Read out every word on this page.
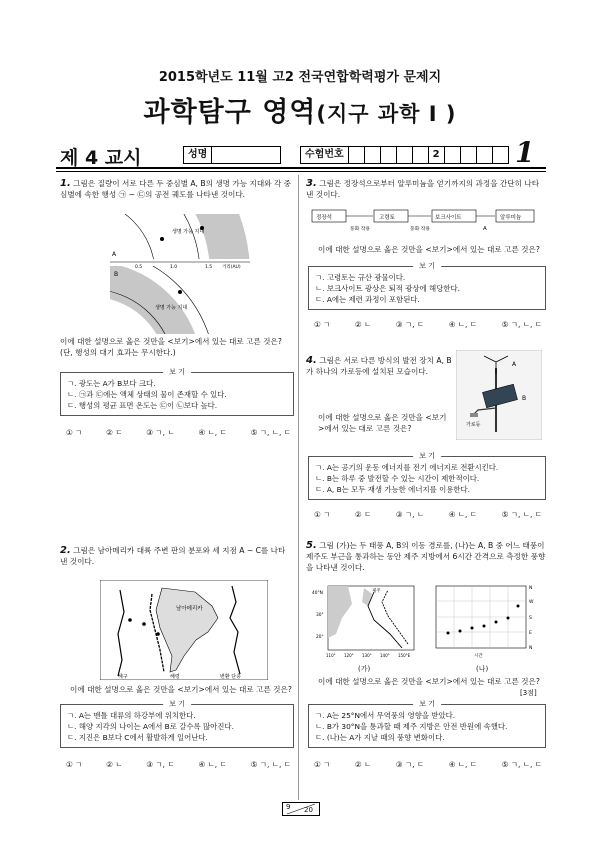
2015학년도 11월 고2 전국연합학력평가 문제지
과학탐구 영역(지구 과학 I )
제 4 교시	성명	수험번호	2	1
1. 그림은 질량이 서로 다른 두 중심별 A, B의 생명 가능 지대와 각 중심별에 속한 행성 ㉠ ~ ㉢의 공전 궤도를 나타낸 것이다.
생명 가능 지대
생명 가능 지대
A
B
0.5	1.0	1.5 거리(AU)
이에 대한 설명으로 옳은 것만을 <보기>에서 있는 대로 고른 것은? (단, 행성의 대기 효과는 무시한다.)
보 기
ㄱ. 광도는 A가 B보다 크다.
ㄴ. ㉠과 ㉢에는 액체 상태의 물이 존재할 수 있다.
ㄷ. 행성의 평균 표면 온도는 ㉢이 ㉡보다 높다.
① ㄱ	② ㄷ	③ ㄱ, ㄴ	④ ㄴ, ㄷ	⑤ ㄱ, ㄴ, ㄷ
2. 그림은 남아메리카 대륙 주변 판의 분포와 세 지점 A ~ C를 나타낸 것이다.
남아메리카
해구	해령	변환 단층
이에 대한 설명으로 옳은 것만을 <보기>에서 있는 대로 고른 것은?
보 기
ㄱ. A는 맨틀 대류의 하강부에 위치한다.
ㄴ. 해양 지각의 나이는 A에서 B로 갈수록 많아진다.
ㄷ. 지진은 B보다 C에서 활발하게 일어난다.
① ㄱ	② ㄴ	③ ㄱ, ㄷ	④ ㄴ, ㄷ	⑤ ㄱ, ㄴ, ㄷ
3. 그림은 정장석으로부터 알루미늄을 얻기까지의 과정을 간단히 나타낸 것이다.
정장석	고령토	보크사이트	알루미늄
풍화 작용	풍화 작용	A
이에 대한 설명으로 옳은 것만을 <보기>에서 있는 대로 고른 것은?
보 기
ㄱ. 고령토는 규산 광물이다.
ㄴ. 보크사이트 광상은 퇴적 광상에 해당한다.
ㄷ. A에는 제련 과정이 포함된다.
① ㄱ	② ㄴ	③ ㄱ, ㄷ	④ ㄴ, ㄷ	⑤ ㄱ, ㄴ, ㄷ
4. 그림은 서로 다른 방식의 발전 장치 A, B가 하나의 가로등에 설치된 모습이다.
A
B
가로등
이에 대한 설명으로 옳은 것만을 <보기>에서 있는 대로 고른 것은?
보 기
ㄱ. A는 공기의 운동 에너지를 전기 에너지로 전환시킨다.
ㄴ. B는 하루 중 발전할 수 있는 시간이 제한적이다.
ㄷ. A, B는 모두 재생 가능한 에너지를 이용한다.
① ㄱ	② ㄷ	③ ㄱ, ㄴ	④ ㄴ, ㄷ	⑤ ㄱ, ㄴ, ㄷ
5. 그림 (가)는 두 태풍 A, B의 이동 경로를, (나)는 A, B 중 어느 태풍이 제주도 부근을 통과하는 동안 제주 지방에서 6시간 간격으로 측정한 풍향을 나타낸 것이다.
제주
40°N
30°
20°
110° 120° 130° 140° 150°E
N
W
S
E
N
시간
(가)	(나)
이에 대한 설명으로 옳은 것만을 <보기>에서 있는 대로 고른 것은?
[3점]
보 기
ㄱ. A는 25°N에서 무역풍의 영향을 받았다.
ㄴ. B가 30°N을 통과할 때 제주 지방은 안전 반원에 속했다.
ㄷ. (나)는 A가 지날 때의 풍향 변화이다.
① ㄱ	② ㄴ	③ ㄱ, ㄷ	④ ㄴ, ㄷ	⑤ ㄱ, ㄴ, ㄷ
9 20
